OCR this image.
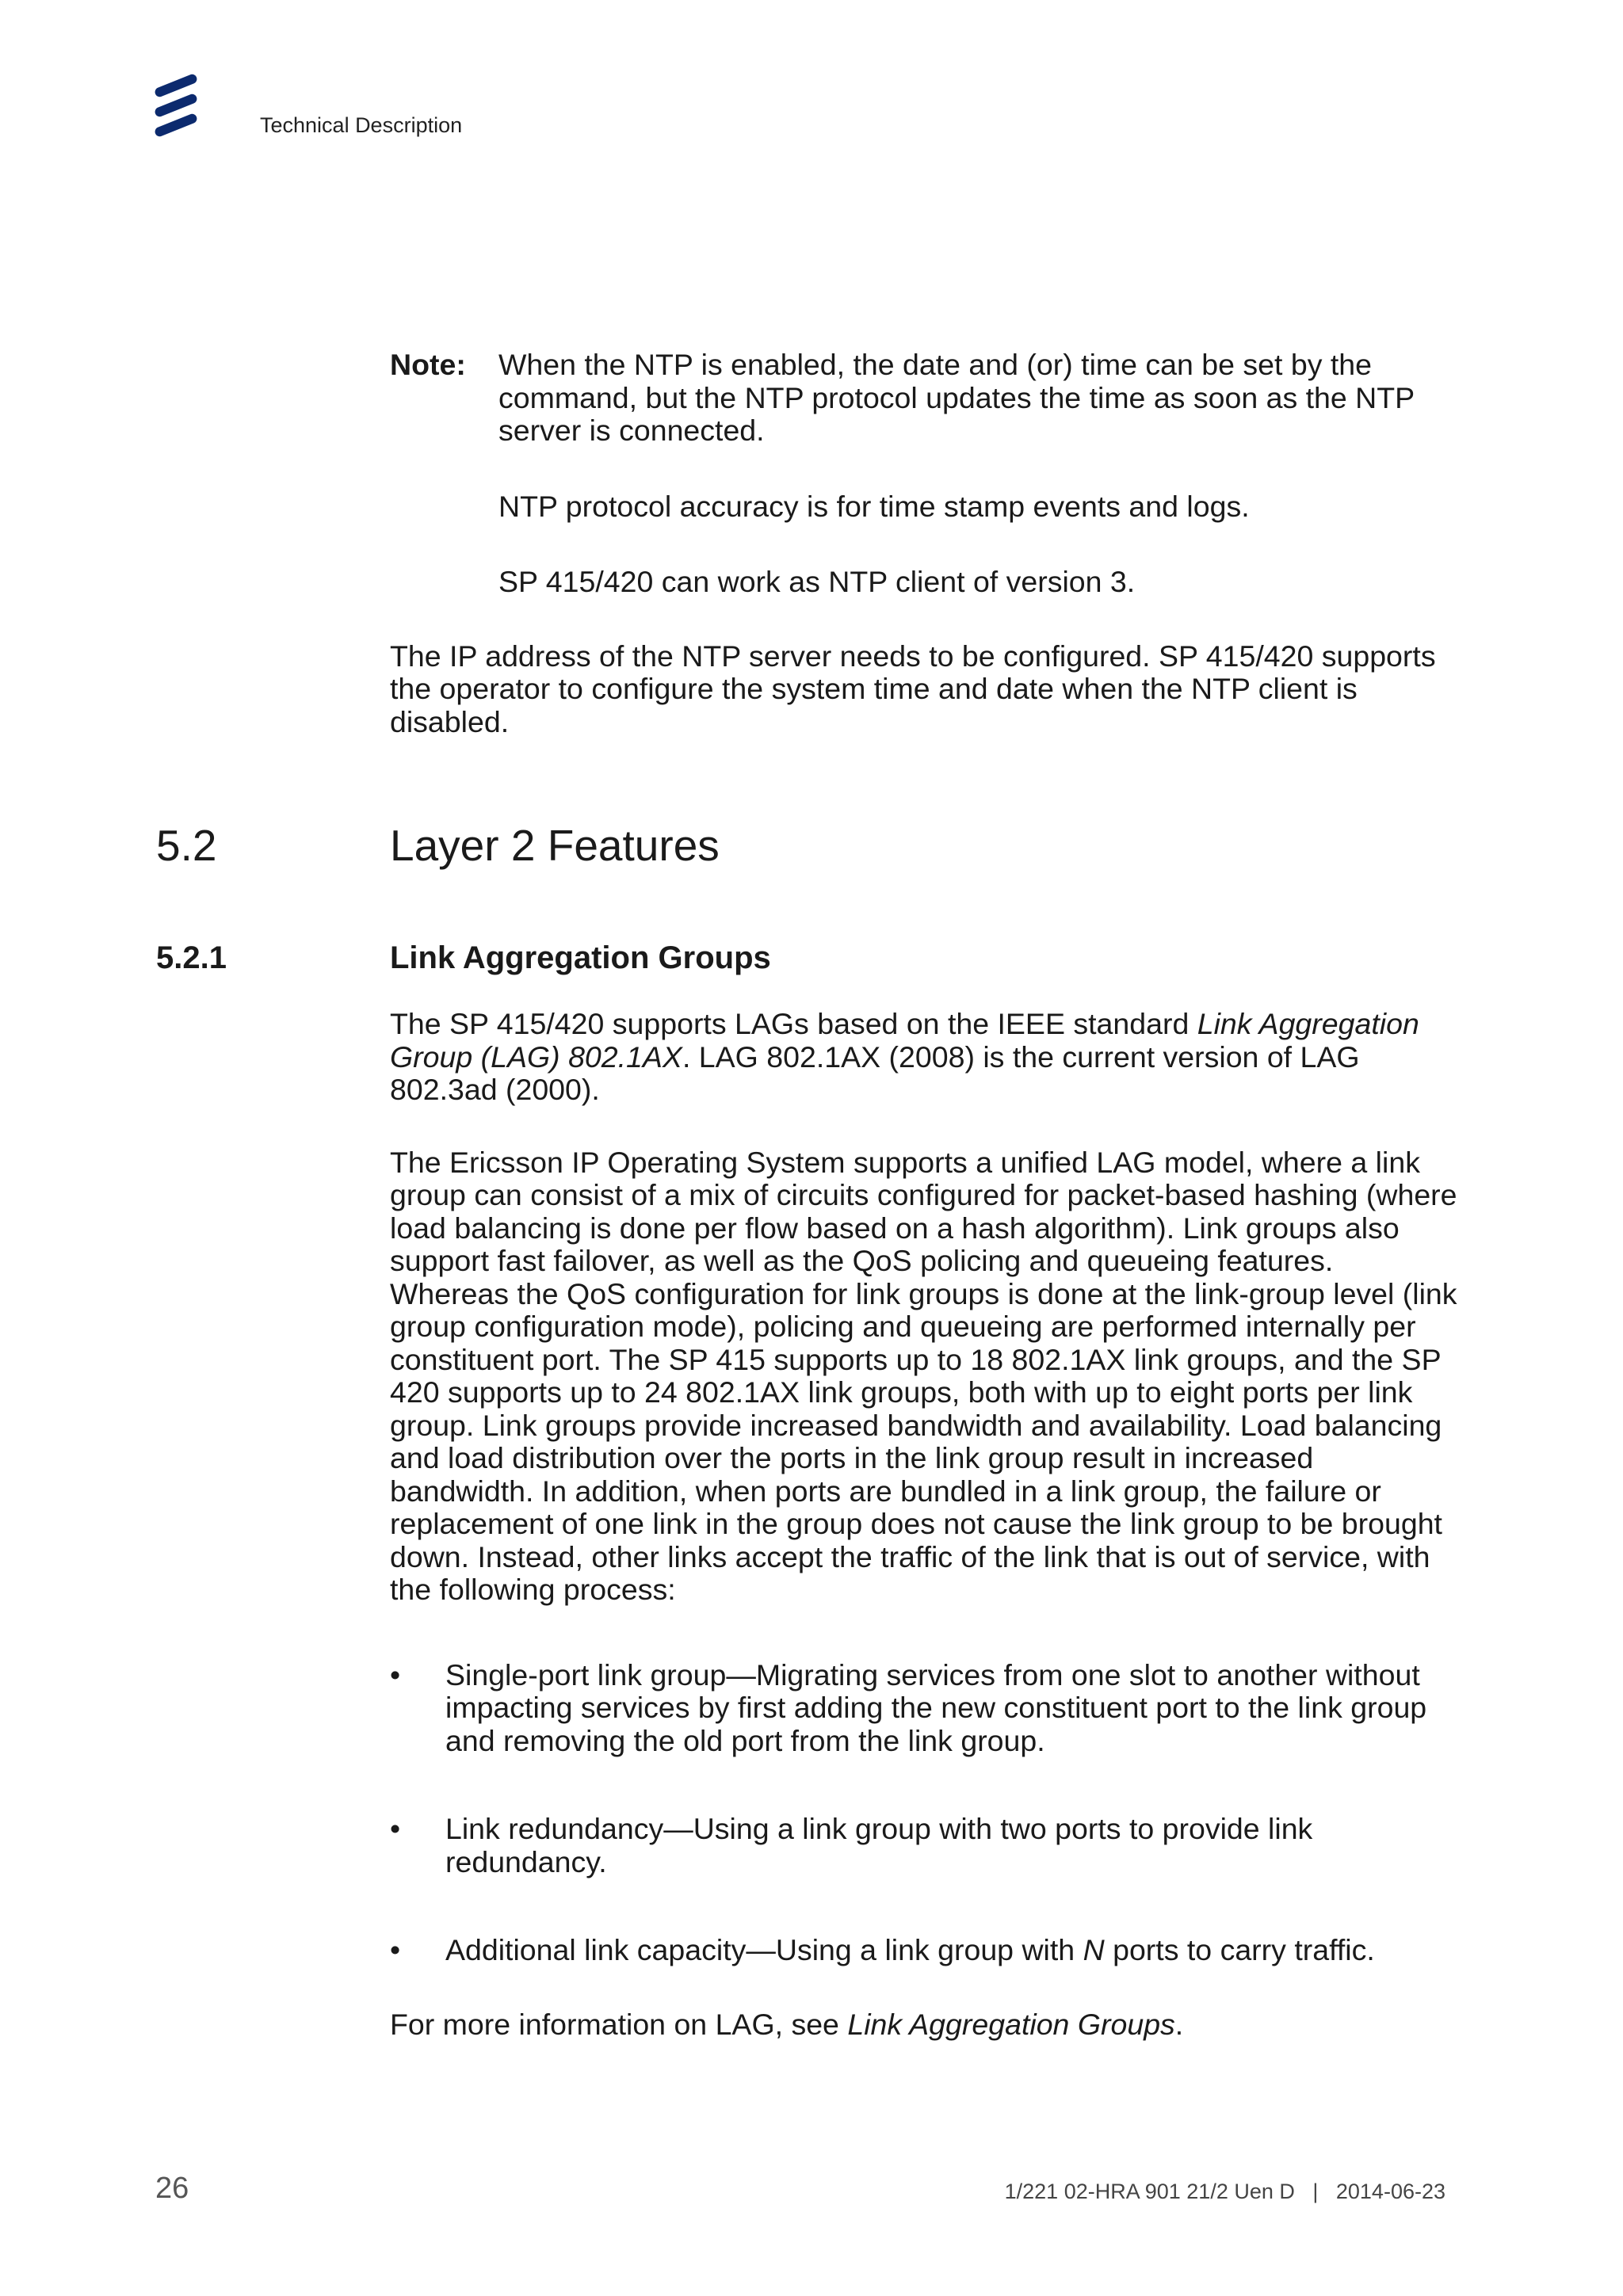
Technical Description
Note:	When the NTP is enabled, the date and (or) time can be set by the command, but the NTP protocol updates the time as soon as the NTP server is connected.

NTP protocol accuracy is for time stamp events and logs.

SP 415/420 can work as NTP client of version 3.

The IP address of the NTP server needs to be configured. SP 415/420 supports the operator to configure the system time and date when the NTP client is disabled.

5.2	Layer 2 Features
5.2.1	Link Aggregation Groups

The SP 415/420 supports LAGs based on the IEEE standard Link Aggregation Group (LAG) 802.1AX. LAG 802.1AX (2008) is the current version of LAG 802.3ad (2000).

The Ericsson IP Operating System supports a unified LAG model, where a link group can consist of a mix of circuits configured for packet-based hashing (where load balancing is done per flow based on a hash algorithm). Link groups also support fast failover, as well as the QoS policing and queueing features. Whereas the QoS configuration for link groups is done at the link-group level (link group configuration mode), policing and queueing are performed internally per constituent port. The SP 415 supports up to 18 802.1AX link groups, and the SP 420 supports up to 24 802.1AX link groups, both with up to eight ports per link group. Link groups provide increased bandwidth and availability. Load balancing and load distribution over the ports in the link group result in increased bandwidth. In addition, when ports are bundled in a link group, the failure or replacement of one link in the group does not cause the link group to be brought down. Instead, other links accept the traffic of the link that is out of service, with the following process:

• Single-port link group—Migrating services from one slot to another without impacting services by first adding the new constituent port to the link group and removing the old port from the link group.
• Link redundancy—Using a link group with two ports to provide link redundancy.
• Additional link capacity—Using a link group with N ports to carry traffic.

For more information on LAG, see Link Aggregation Groups.

26	1/221 02-HRA 901 21/2 Uen D   |   2014-06-23
